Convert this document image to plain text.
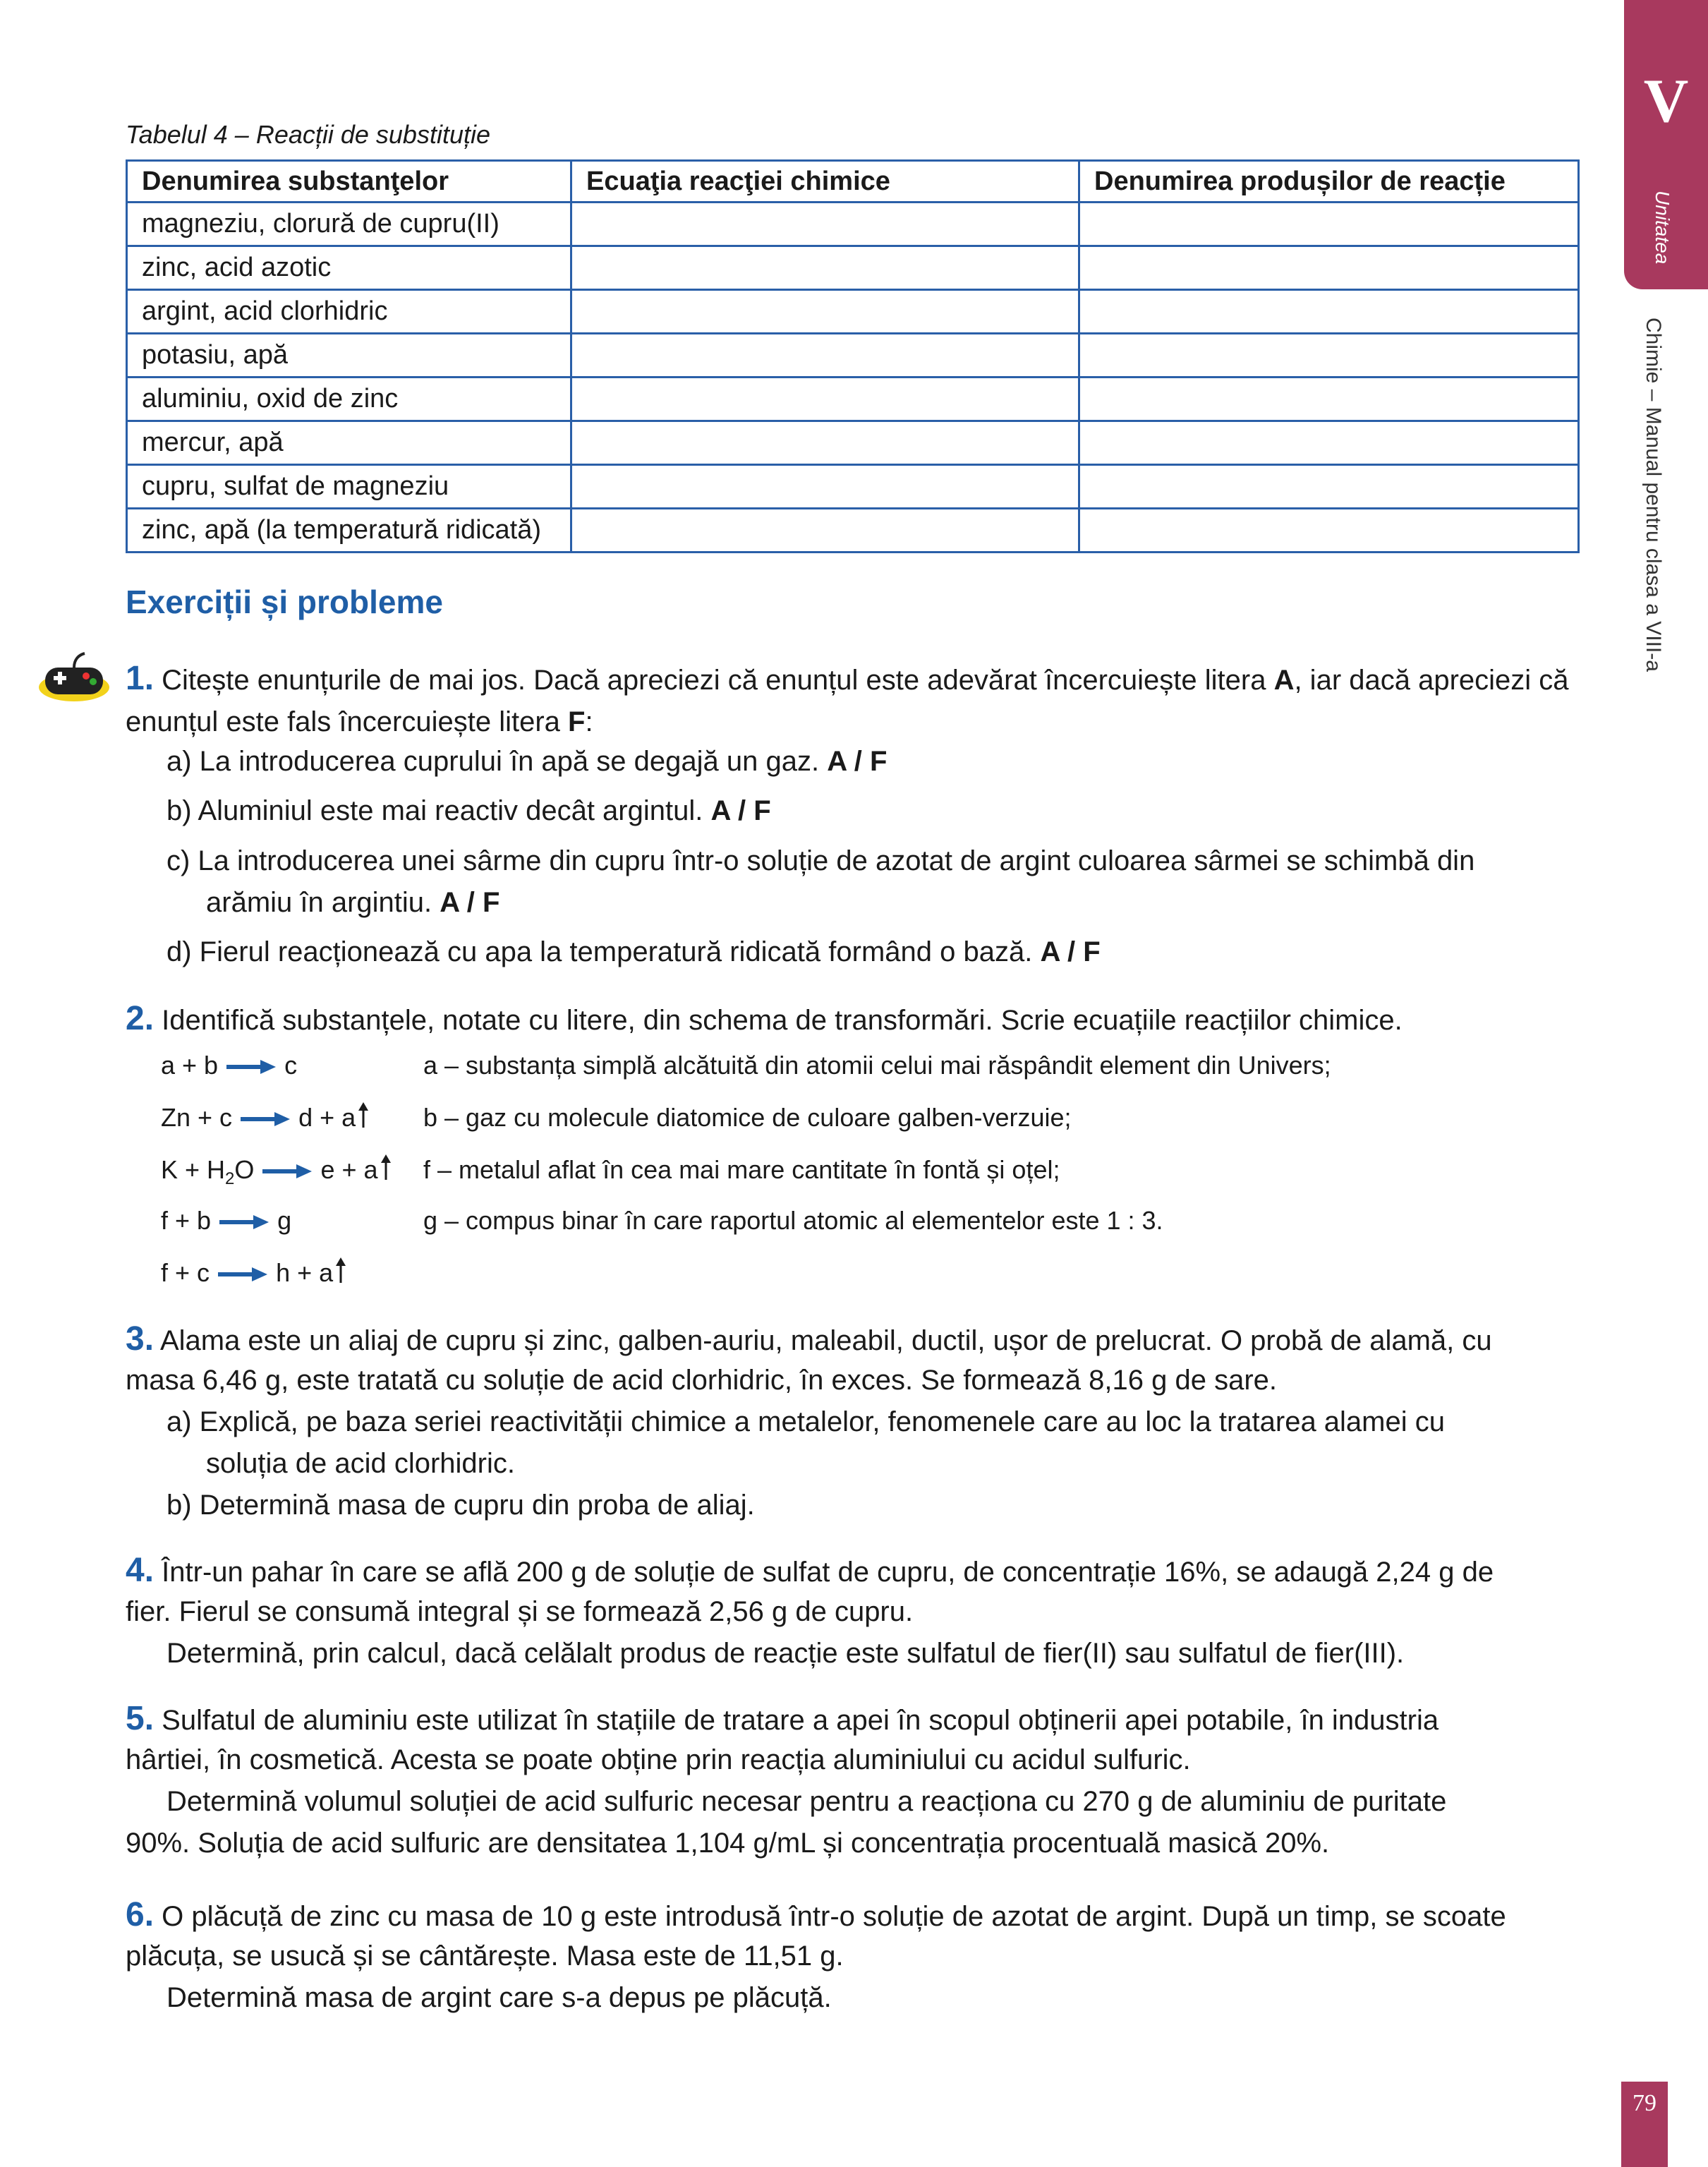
V
Unitatea
Chimie – Manual pentru clasa a VIII-a
79
Tabelul 4 – Reacții de substituție
Denumirea substanţelor	Ecuaţia reacţiei chimice	Denumirea produșilor de reacție
magneziu, clorură de cupru(II)		
zinc, acid azotic		
argint, acid clorhidric		
potasiu, apă		
aluminiu, oxid de zinc		
mercur, apă		
cupru, sulfat de magneziu		
zinc, apă (la temperatură ridicată)		
Exerciții și probleme
1. Citește enunțurile de mai jos. Dacă apreciezi că enunțul este adevărat încercuiește litera A, iar dacă apreciezi că enunțul este fals încercuiește litera F:
a) La introducerea cuprului în apă se degajă un gaz. A / F
b) Aluminiul este mai reactiv decât argintul. A / F
c) La introducerea unei sârme din cupru într-o soluție de azotat de argint culoarea sârmei se schimbă din
arămiu în argintiu. A / F
d) Fierul reacționează cu apa la temperatură ridicată formând o bază. A / F
2. Identifică substanțele, notate cu litere, din schema de transformări. Scrie ecuațiile reacțiilor chimice.
a + b	c
Zn + c	d + a
$K + H_2O$	e + a
f + b	g
f + c	h + a
a – substanța simplă alcătuită din atomii celui mai răspândit element din Univers;
b – gaz cu molecule diatomice de culoare galben-verzuie;
f – metalul aflat în cea mai mare cantitate în fontă și oțel;
g – compus binar în care raportul atomic al elementelor este 1 : 3.
3. Alama este un aliaj de cupru și zinc, galben-auriu, maleabil, ductil, ușor de prelucrat. O probă de alamă, cu
masa 6,46 g, este tratată cu soluție de acid clorhidric, în exces. Se formează 8,16 g de sare.
a) Explică, pe baza seriei reactivității chimice a metalelor, fenomenele care au loc la tratarea alamei cu
soluția de acid clorhidric.
b) Determină masa de cupru din proba de aliaj.
4. Într-un pahar în care se află 200 g de soluție de sulfat de cupru, de concentrație 16%, se adaugă 2,24 g de
fier. Fierul se consumă integral și se formează 2,56 g de cupru.
Determină, prin calcul, dacă celălalt produs de reacție este sulfatul de fier(II) sau sulfatul de fier(III).
5. Sulfatul de aluminiu este utilizat în stațiile de tratare a apei în scopul obținerii apei potabile, în industria
hârtiei, în cosmetică. Acesta se poate obține prin reacția aluminiului cu acidul sulfuric.
Determină volumul soluției de acid sulfuric necesar pentru a reacționa cu 270 g de aluminiu de puritate
90%. Soluția de acid sulfuric are densitatea 1,104 g/mL și concentrația procentuală masică 20%.
6. O plăcuță de zinc cu masa de 10 g este introdusă într-o soluție de azotat de argint. După un timp, se scoate
plăcuța, se usucă și se cântărește. Masa este de 11,51 g.
Determină masa de argint care s-a depus pe plăcuță.
